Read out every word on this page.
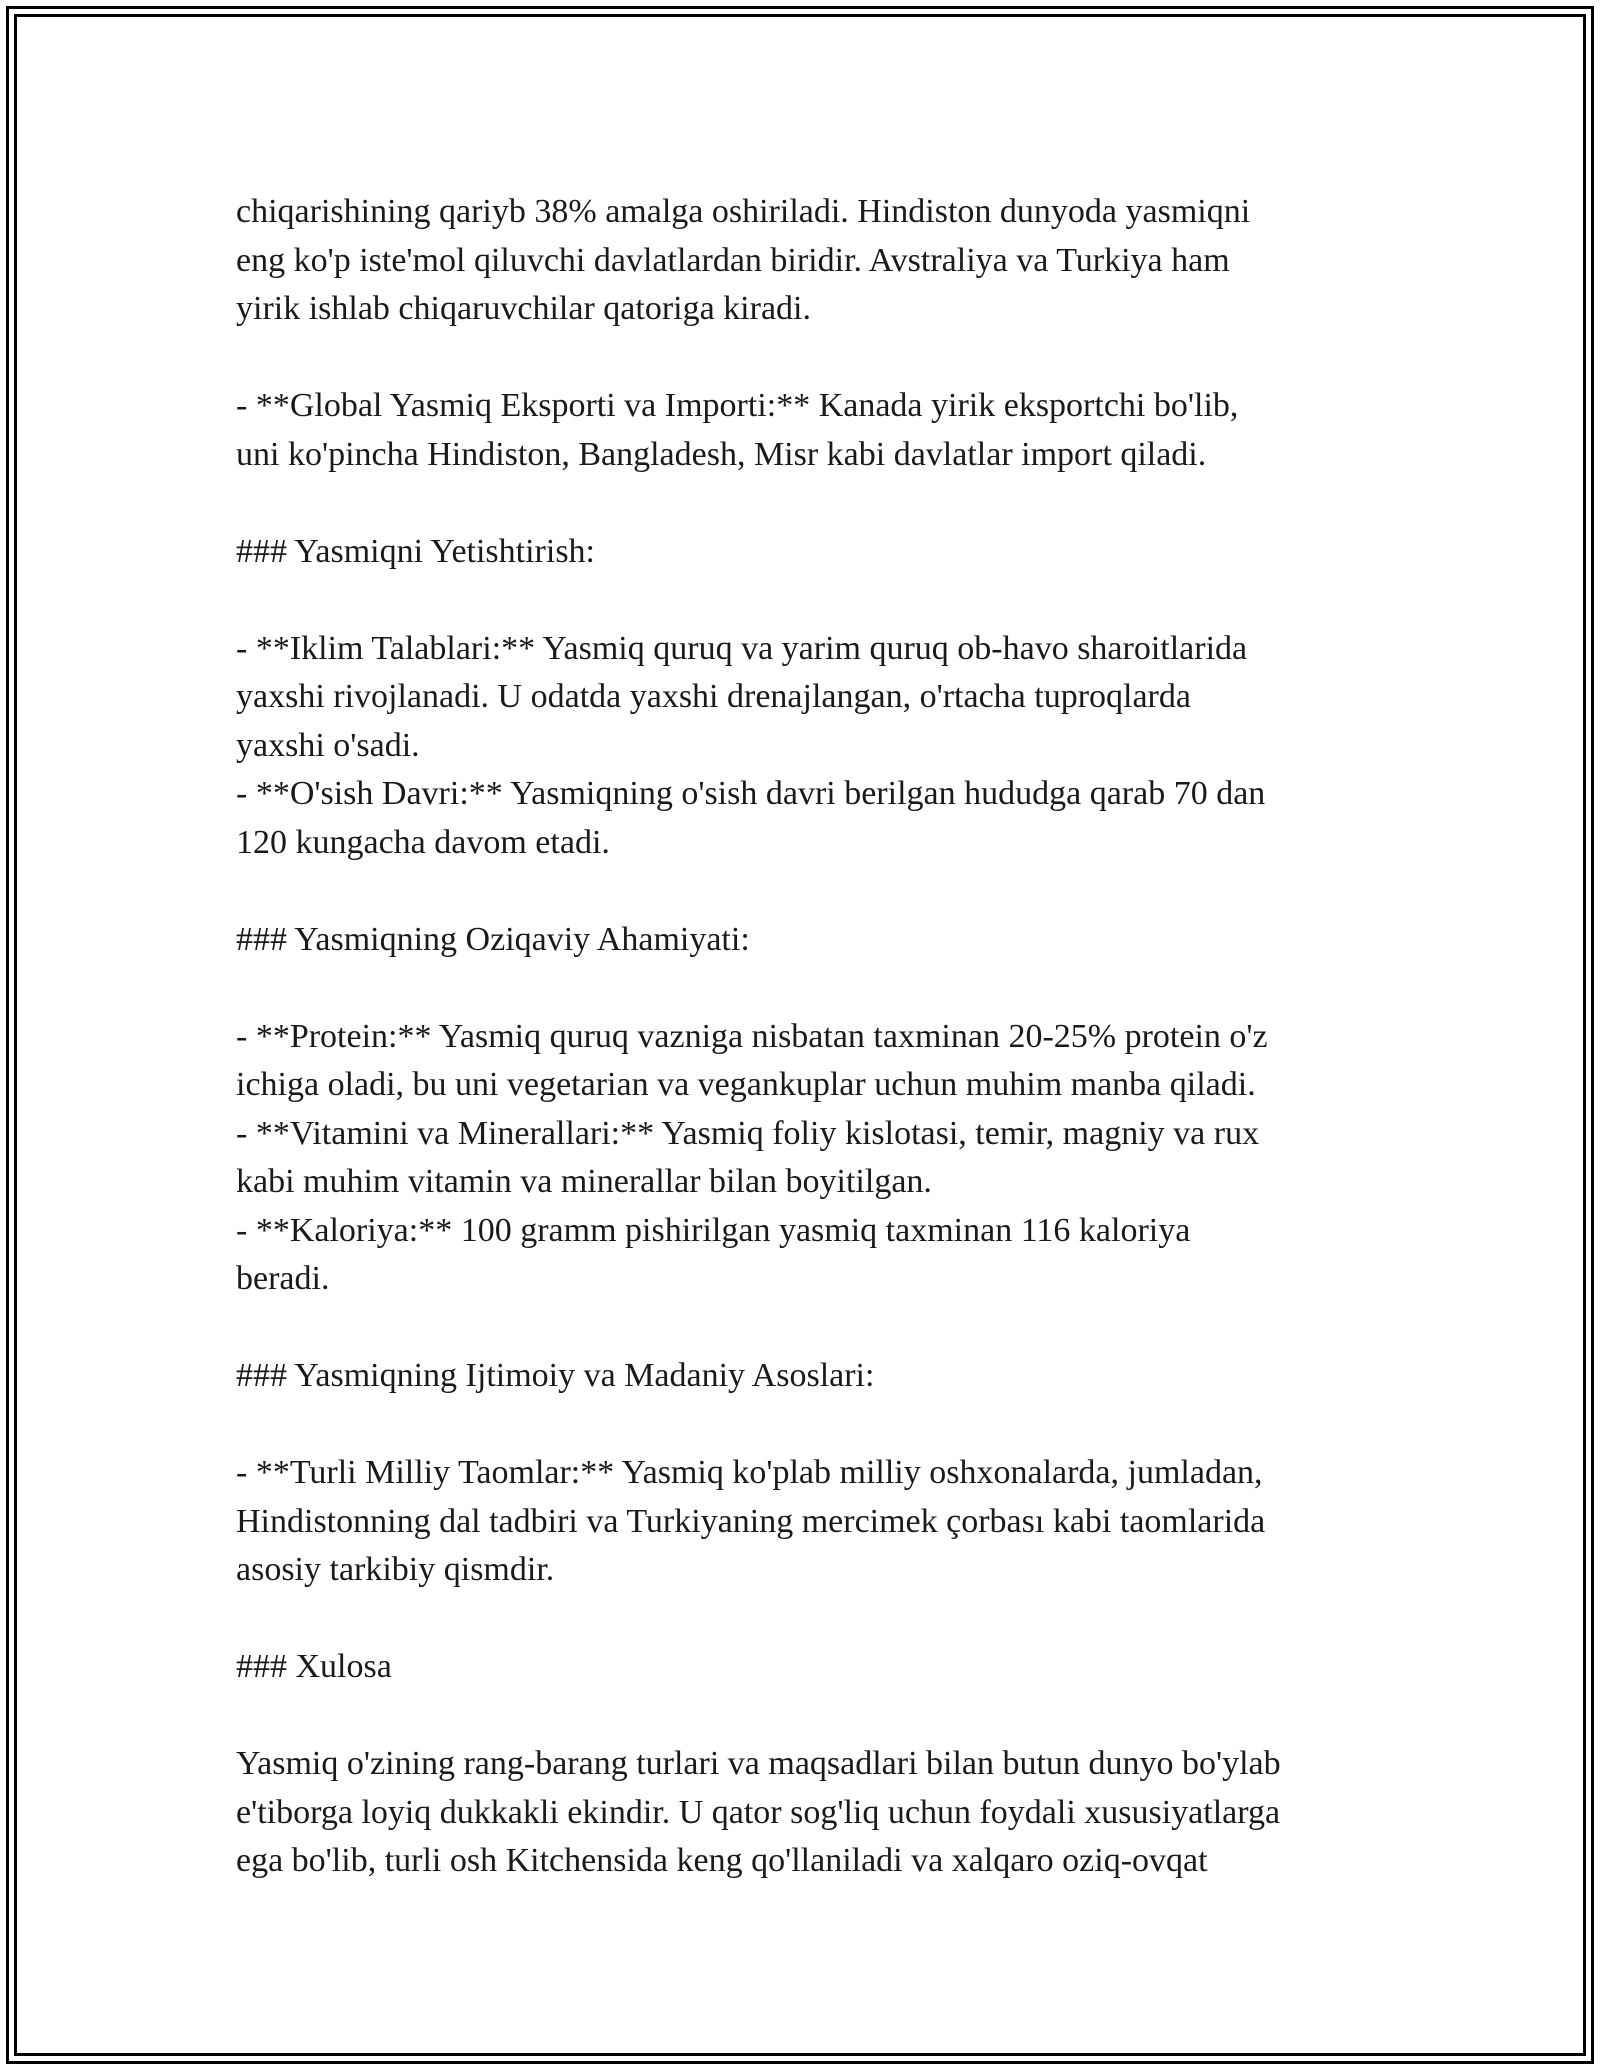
chiqarishining qariyb 38% amalga oshiriladi. Hindiston dunyoda yasmiqni
eng ko'p iste'mol qiluvchi davlatlardan biridir. Avstraliya va Turkiya ham
yirik ishlab chiqaruvchilar qatoriga kiradi.
- **Global Yasmiq Eksporti va Importi:** Kanada yirik eksportchi bo'lib,
uni ko'pincha Hindiston, Bangladesh, Misr kabi davlatlar import qiladi.
### Yasmiqni Yetishtirish:
- **Iklim Talablari:** Yasmiq quruq va yarim quruq ob-havo sharoitlarida
yaxshi rivojlanadi. U odatda yaxshi drenajlangan, o'rtacha tuproqlarda
yaxshi o'sadi.
- **O'sish Davri:** Yasmiqning o'sish davri berilgan hududga qarab 70 dan
120 kungacha davom etadi.
### Yasmiqning Oziqaviy Ahamiyati:
- **Protein:** Yasmiq quruq vazniga nisbatan taxminan 20-25% protein o'z
ichiga oladi, bu uni vegetarian va vegankuplar uchun muhim manba qiladi.
- **Vitamini va Minerallari:** Yasmiq foliy kislotasi, temir, magniy va rux
kabi muhim vitamin va minerallar bilan boyitilgan.
- **Kaloriya:** 100 gramm pishirilgan yasmiq taxminan 116 kaloriya
beradi.
### Yasmiqning Ijtimoiy va Madaniy Asoslari:
- **Turli Milliy Taomlar:** Yasmiq ko'plab milliy oshxonalarda, jumladan,
Hindistonning dal tadbiri va Turkiyaning mercimek çorbası kabi taomlarida
asosiy tarkibiy qismdir.
### Xulosa
Yasmiq o'zining rang-barang turlari va maqsadlari bilan butun dunyo bo'ylab
e'tiborga loyiq dukkakli ekindir. U qator sog'liq uchun foydali xususiyatlarga
ega bo'lib, turli osh Kitchensida keng qo'llaniladi va xalqaro oziq-ovqat
